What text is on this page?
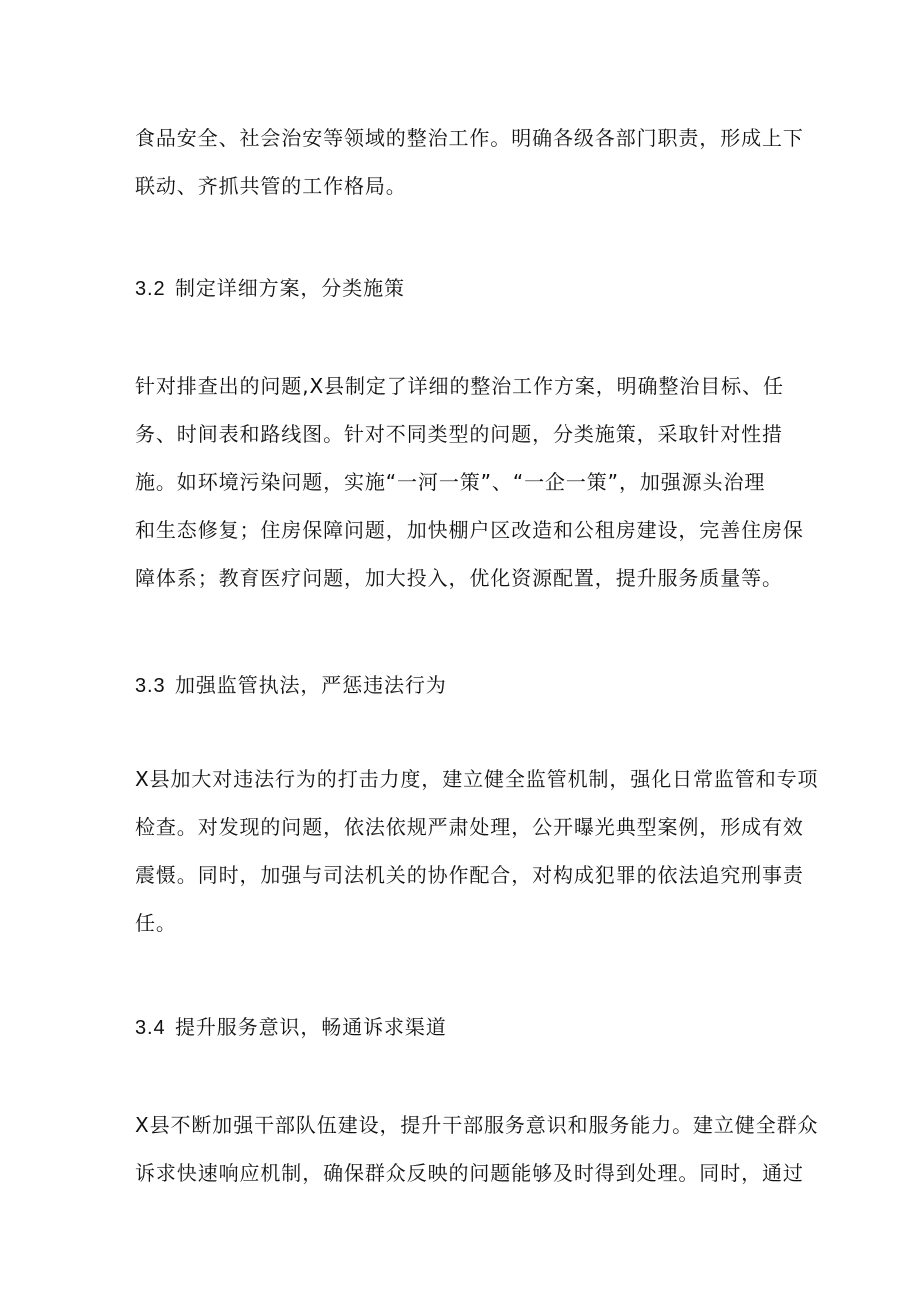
食品安全、社会治安等领域的整治工作。明确各级各部门职责，形成上下
联动、齐抓共管的工作格局。
3.2 制定详细方案，分类施策
针对排查出的问题,X县制定了详细的整治工作方案，明确整治目标、任
务、时间表和路线图。针对不同类型的问题，分类施策，采取针对性措
施。如环境污染问题，实施“一河一策”、“一企一策”，加强源头治理
和生态修复；住房保障问题，加快棚户区改造和公租房建设，完善住房保
障体系；教育医疗问题，加大投入，优化资源配置，提升服务质量等。
3.3 加强监管执法，严惩违法行为
X县加大对违法行为的打击力度，建立健全监管机制，强化日常监管和专项
检查。对发现的问题，依法依规严肃处理，公开曝光典型案例，形成有效
震慑。同时，加强与司法机关的协作配合，对构成犯罪的依法追究刑事责
任。
3.4 提升服务意识，畅通诉求渠道
X县不断加强干部队伍建设，提升干部服务意识和服务能力。建立健全群众
诉求快速响应机制，确保群众反映的问题能够及时得到处理。同时，通过
